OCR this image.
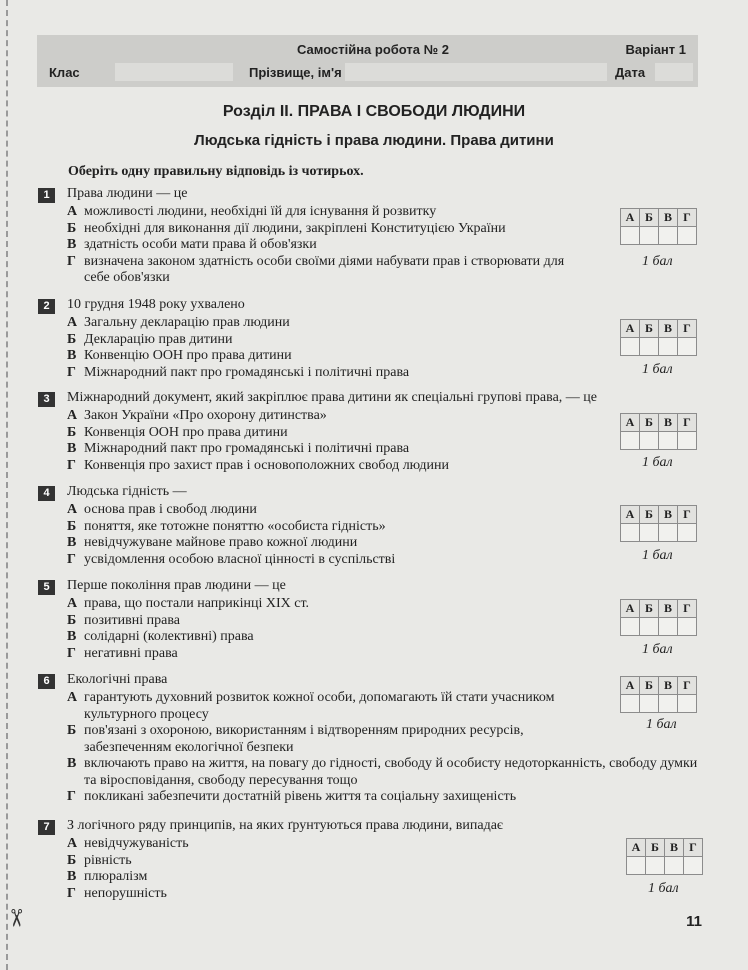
✂
Самостійна робота № 2	Варіант 1
Клас	Прізвище, ім'я	Дата
Розділ II. ПРАВА І СВОБОДИ ЛЮДИНИ
Людська гідність і права людини. Права дитини
Оберіть одну правильну відповідь із чотирьох.
1	Права людини — це
А можливості людини, необхідні їй для існування й розвитку
Б необхідні для виконання дії людини, закріплені Конституцією України
В здатність особи мати права й обов'язки
Г визначена законом здатність особи своїми діями набувати прав і створювати для себе обов'язки
А	Б	В	Г

1 бал
2	10 грудня 1948 року ухвалено
А Загальну декларацію прав людини
Б Декларацію прав дитини
В Конвенцію ООН про права дитини
Г Міжнародний пакт про громадянські і політичні права
А	Б	В	Г

1 бал
3	Міжнародний документ, який закріплює права дитини як спеціальні групові права, — це
А Закон України «Про охорону дитинства»
Б Конвенція ООН про права дитини
В Міжнародний пакт про громадянські і політичні права
Г Конвенція про захист прав і основоположних свобод людини
А	Б	В	Г

1 бал
4	Людська гідність —
А основа прав і свобод людини
Б поняття, яке тотожне поняттю «особиста гідність»
В невідчужуване майнове право кожної людини
Г усвідомлення особою власної цінності в суспільстві
А	Б	В	Г

1 бал
5	Перше покоління прав людини — це
А права, що постали наприкінці XIX ст.
Б позитивні права
В солідарні (колективні) права
Г негативні права
А	Б	В	Г

1 бал
6	Екологічні права
А гарантують духовний розвиток кожної особи, допомагають їй стати учасником культурного процесу
Б пов'язані з охороною, використанням і відтворенням природних ресурсів, забезпеченням екологічної безпеки
В включають право на життя, на повагу до гідності, свободу й особисту недоторканність, свободу думки та віросповідання, свободу пересування тощо
Г покликані забезпечити достатній рівень життя та соціальну захищеність
А	Б	В	Г

1 бал
7	З логічного ряду принципів, на яких ґрунтуються права людини, випадає
А невідчужуваність
Б рівність
В плюралізм
Г непорушність
А	Б	В	Г

1 бал
11
